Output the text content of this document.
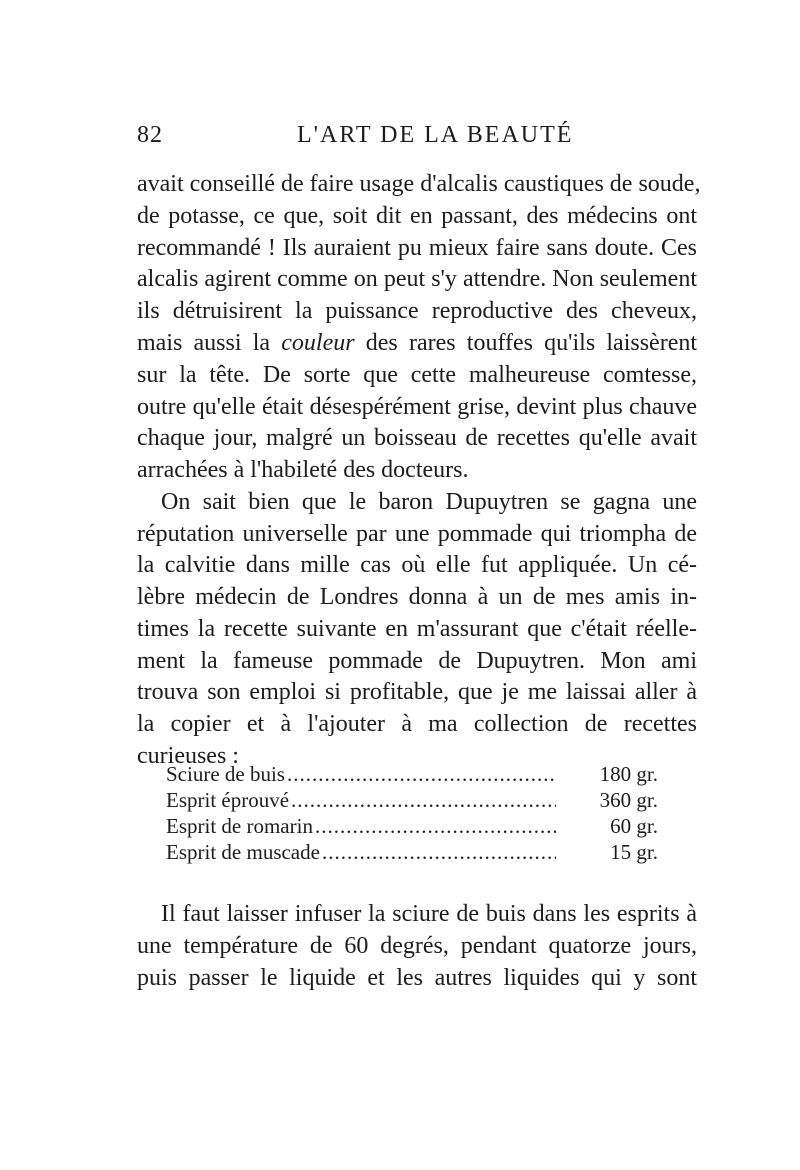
82	L'ART DE LA BEAUTÉ
avait conseillé de faire usage d'alcalis caustiques de soude,
de potasse, ce que, soit dit en passant, des médecins ont
recommandé ! Ils auraient pu mieux faire sans doute. Ces
alcalis agirent comme on peut s'y attendre. Non seulement
ils détruisirent la puissance reproductive des cheveux,
mais aussi la couleur des rares touffes qu'ils laissèrent
sur la tête. De sorte que cette malheureuse comtesse,
outre qu'elle était désespérément grise, devint plus chauve
chaque jour, malgré un boisseau de recettes qu'elle avait
arrachées à l'habileté des docteurs.
On sait bien que le baron Dupuytren se gagna une
réputation universelle par une pommade qui triompha de
la calvitie dans mille cas où elle fut appliquée. Un cé-
lèbre médecin de Londres donna à un de mes amis in-
times la recette suivante en m'assurant que c'était réelle-
ment la fameuse pommade de Dupuytren. Mon ami
trouva son emploi si profitable, que je me laissai aller à
la copier et à l'ajouter à ma collection de recettes
curieuses :
Sciure de buis .....	180 gr.
Esprit éprouvé .....	360 gr.
Esprit de romarin .....	60 gr.
Esprit de muscade .....	15 gr.
Il faut laisser infuser la sciure de buis dans les esprits à
une température de 60 degrés, pendant quatorze jours,
puis passer le liquide et les autres liquides qui y sont
